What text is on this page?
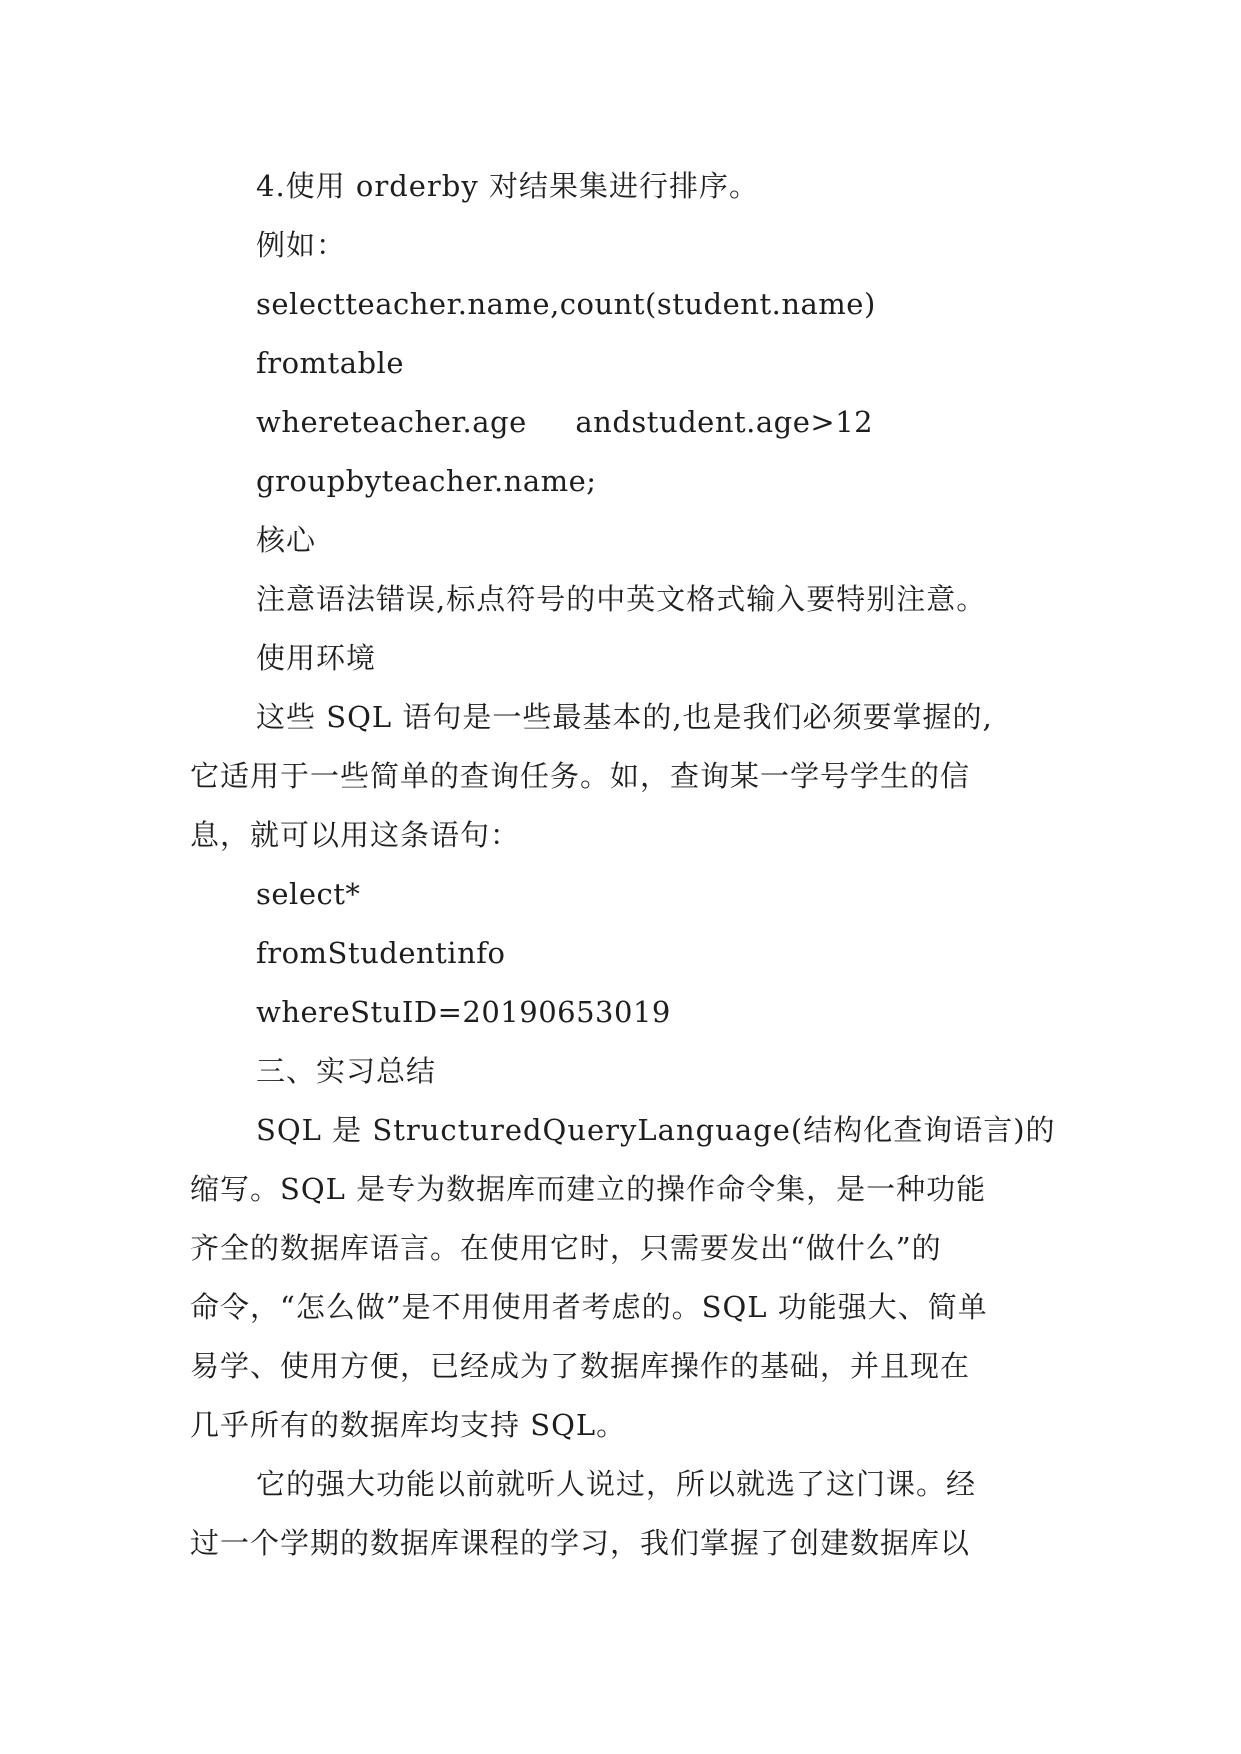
4.使用 orderby 对结果集进行排序。
例如：
selectteacher.name,count(student.name)
fromtable
whereteacher.age     andstudent.age>12
groupbyteacher.name;
核心
注意语法错误,标点符号的中英文格式输入要特别注意。
使用环境
这些 SQL 语句是一些最基本的,也是我们必须要掌握的,
它适用于一些简单的查询任务。如，查询某一学号学生的信
息，就可以用这条语句：
select*
fromStudentinfo
whereStuID=20190653019
三、实习总结
SQL 是 StructuredQueryLanguage(结构化查询语言)的
缩写。SQL 是专为数据库而建立的操作命令集，是一种功能
齐全的数据库语言。在使用它时，只需要发出“做什么”的
命令，“怎么做”是不用使用者考虑的。SQL 功能强大、简单
易学、使用方便，已经成为了数据库操作的基础，并且现在
几乎所有的数据库均支持 SQL。
它的强大功能以前就听人说过，所以就选了这门课。经
过一个学期的数据库课程的学习，我们掌握了创建数据库以
